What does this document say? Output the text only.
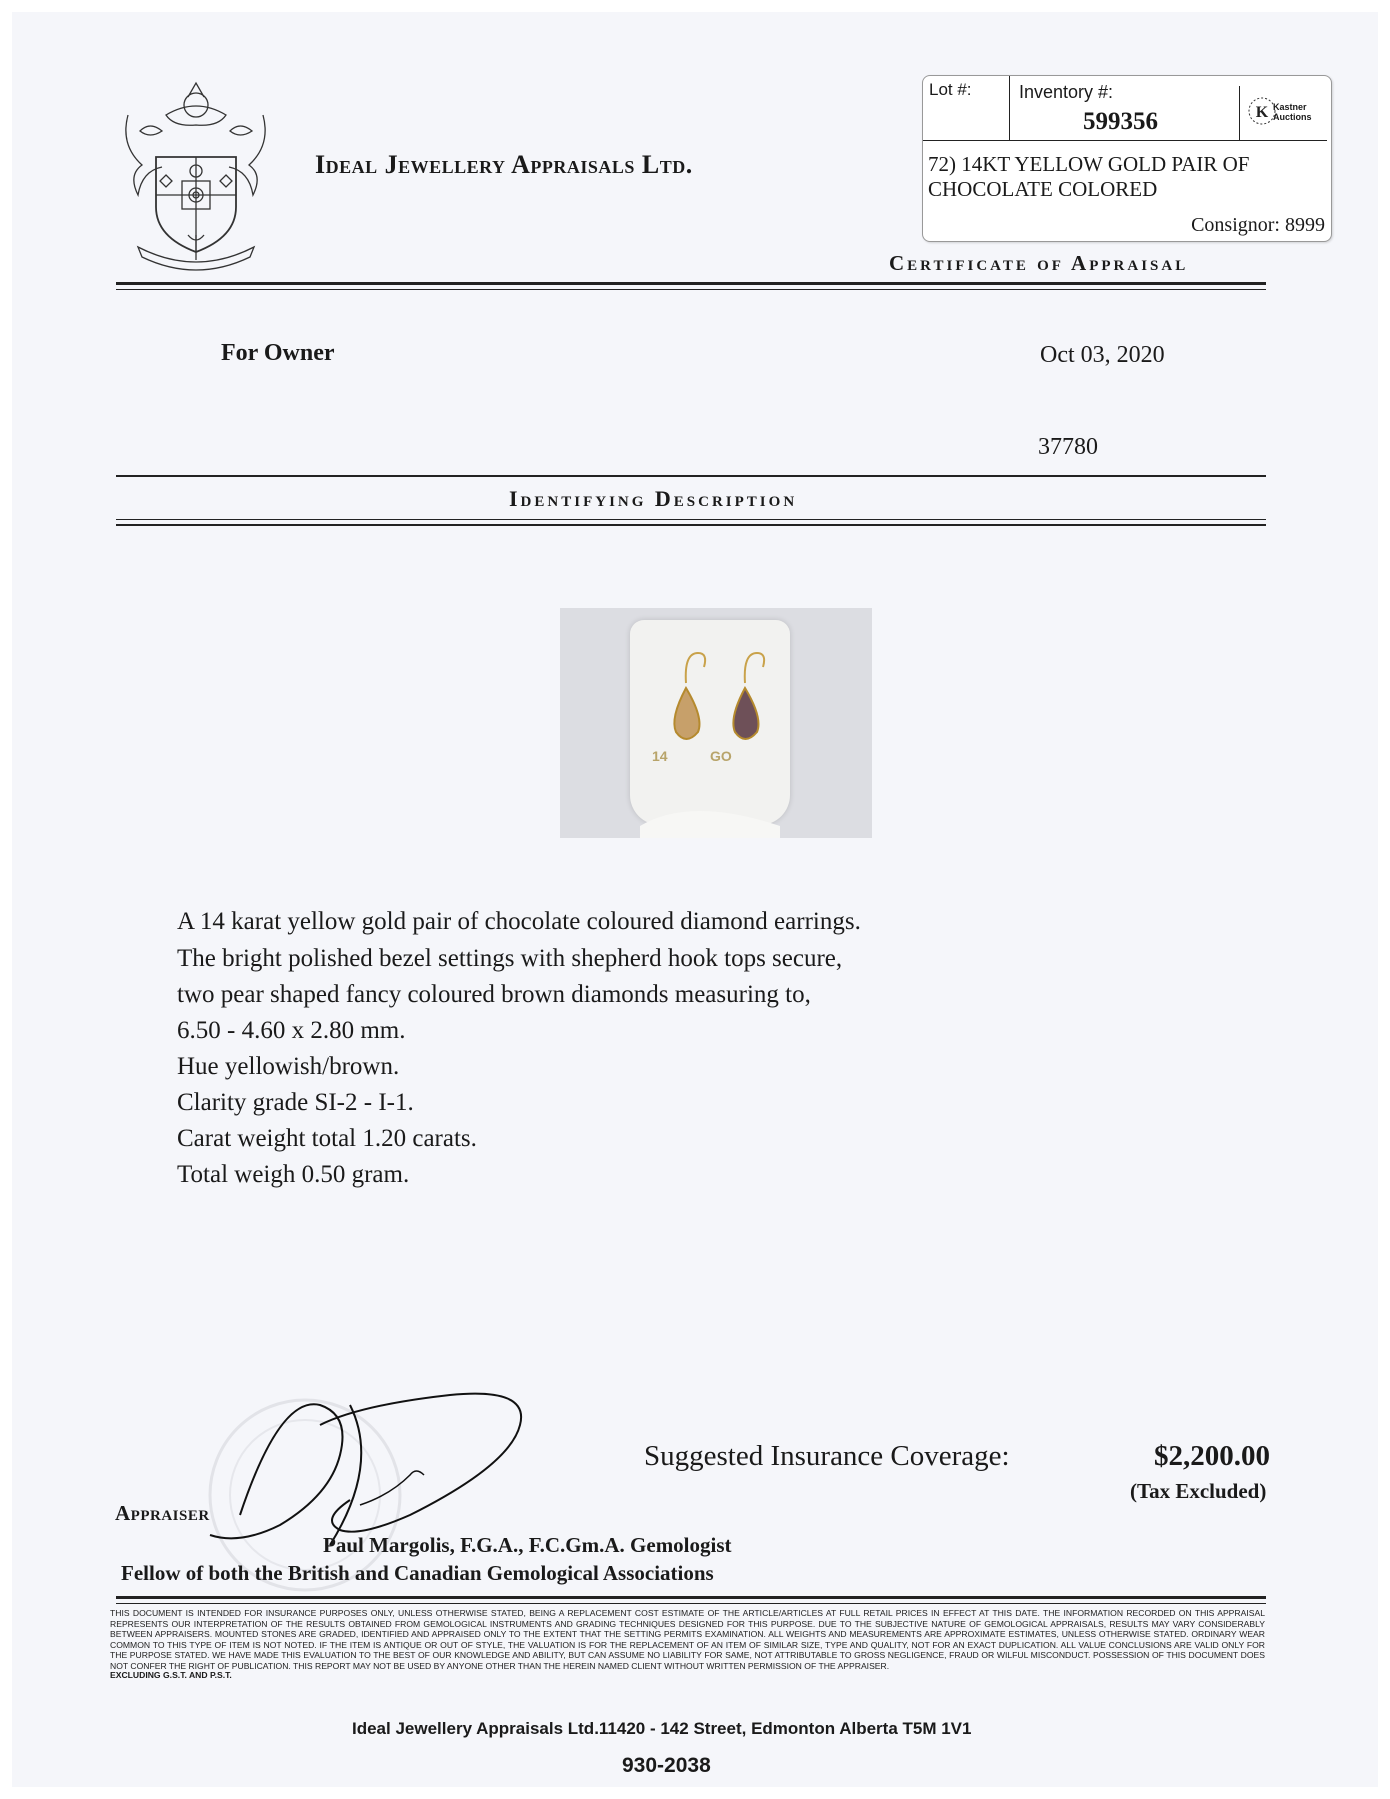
Ideal Jewellery Appraisals Ltd.
Lot #:	Inventory #:
599356	K Kastner Auctions
72) 14KT YELLOW GOLD PAIR OF
CHOCOLATE COLORED
Consignor: 8999
Certificate of Appraisal
For Owner	Oct 03, 2020
37780
Identifying Description
14	GO
A 14 karat yellow gold pair of chocolate coloured diamond earrings.
The bright polished bezel settings with shepherd hook tops secure,
two pear shaped fancy coloured brown diamonds measuring to,
6.50 - 4.60 x 2.80 mm.
Hue yellowish/brown.
Clarity grade SI-2 - I-1.
Carat weight total 1.20 carats.
Total weigh 0.50 gram.
Suggested Insurance Coverage:	$2,200.00
(Tax Excluded)
Appraiser
Paul Margolis, F.G.A., F.C.Gm.A. Gemologist
Fellow of both the British and Canadian Gemological Associations
THIS DOCUMENT IS INTENDED FOR INSURANCE PURPOSES ONLY, UNLESS OTHERWISE STATED, BEING A REPLACEMENT COST ESTIMATE OF THE ARTICLE/ARTICLES AT FULL RETAIL PRICES IN EFFECT AT THIS DATE. THE INFORMATION RECORDED ON THIS APPRAISAL REPRESENTS OUR INTERPRETATION OF THE RESULTS OBTAINED FROM GEMOLOGICAL INSTRUMENTS AND GRADING TECHNIQUES DESIGNED FOR THIS PURPOSE. DUE TO THE SUBJECTIVE NATURE OF GEMOLOGICAL APPRAISALS, RESULTS MAY VARY CONSIDERABLY BETWEEN APPRAISERS. MOUNTED STONES ARE GRADED, IDENTIFIED AND APPRAISED ONLY TO THE EXTENT THAT THE SETTING PERMITS EXAMINATION. ALL WEIGHTS AND MEASUREMENTS ARE APPROXIMATE ESTIMATES, UNLESS OTHERWISE STATED. ORDINARY WEAR COMMON TO THIS TYPE OF ITEM IS NOT NOTED. IF THE ITEM IS ANTIQUE OR OUT OF STYLE, THE VALUATION IS FOR THE REPLACEMENT OF AN ITEM OF SIMILAR SIZE, TYPE AND QUALITY, NOT FOR AN EXACT DUPLICATION. ALL VALUE CONCLUSIONS ARE VALID ONLY FOR THE PURPOSE STATED. WE HAVE MADE THIS EVALUATION TO THE BEST OF OUR KNOWLEDGE AND ABILITY, BUT CAN ASSUME NO LIABILITY FOR SAME, NOT ATTRIBUTABLE TO GROSS NEGLIGENCE, FRAUD OR WILFUL MISCONDUCT. POSSESSION OF THIS DOCUMENT DOES NOT CONFER THE RIGHT OF PUBLICATION. THIS REPORT MAY NOT BE USED BY ANYONE OTHER THAN THE HEREIN NAMED CLIENT WITHOUT WRITTEN PERMISSION OF THE APPRAISER.
EXCLUDING G.S.T. AND P.S.T.
Ideal Jewellery Appraisals Ltd.11420 - 142 Street, Edmonton Alberta T5M 1V1
930-2038
